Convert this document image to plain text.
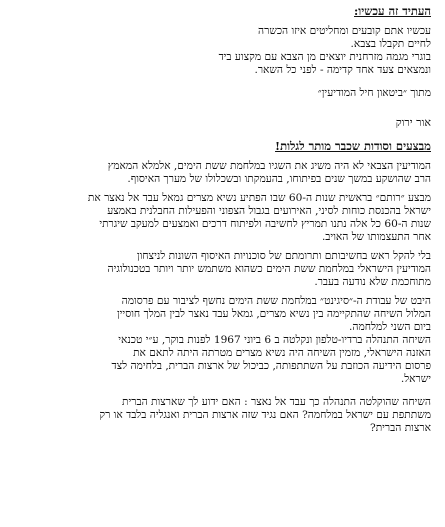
העתיד זה עכשיו:
עכשיו אתם קובעים ומחליטים איזו הכשרה
לחיים תקבלו בצבא.
בוגרי מגמה מזרחנית יוצאים מן הצבא עם מקצוע ביד
ונמצאים צעד אחד קדימה - לפני כל השאר.
מתוך ״ביטאון חיל המודיעין״
אור ירוק
מבצעים וסודות שכבר מותר לגלות!
המודיעין הצבאי לא היה משיג את השגיו במלחמת ששת הימים, אלמלא המאמץ
הרב שהושקע במשך שנים בפיתוחו, בהעמקתו ובשכלולו של מערך האיסוף.
מבצע ״רותם״ בראשית שנות ה-60 שבו הפתיע נשיא מצרים גמאל עבד אל נאצר את
ישראל בהכנסת כוחות לסיני, האירועים בגבול הצפוני והפעילות החבלנית באמצע
שנות ה-60 כל אלה נתנו תמריץ לחשיבה ולפיתוח דרכים ואמצעים למעקב שיגרתי
אחר התעצמותו של האויב.
בלי להקל ראש בחשיבותם ותרומתם של סוכנויות האיסוף השונות לניצחון
המודיעין הישראלי במלחמת ששת הימים כשהוא משתמש יותר ויותר בטכנולוגיה
מתוחכמת שלא נודעה בעבר.
היבט של עבודת ה-״סיגינט״ במלחמת ששת הימים נחשף לציבור עם פרסומה
המלול השיחה שהתקיימה בין נשיא מצרים, גמאל עבד נאצר לבין המלך חוסיין
ביום השני למלחמה.
השיחה התנהלה ברדיו-טלפון ונקלטה ב 6 ביוני 1967 לפנות בוקר, ע״י טכנאי
האזנה הישראלי, מזמין השיחה היה נשיא מצרים מטרתה היתה לתאם את
פרסום הידיעה הכוזבת על השתתפותה, כביכול של ארצות הברית, בלחימה לצד
ישראל.
השיחה שהוקלטה התנהלה כך עבד אל נאצר : האם ידוע לך שארצות הברית
משתתפת עם ישראל במלחמה? האם נגיד שזה ארצות הברית ואנגליה בלבד או רק
ארצות הברית?
